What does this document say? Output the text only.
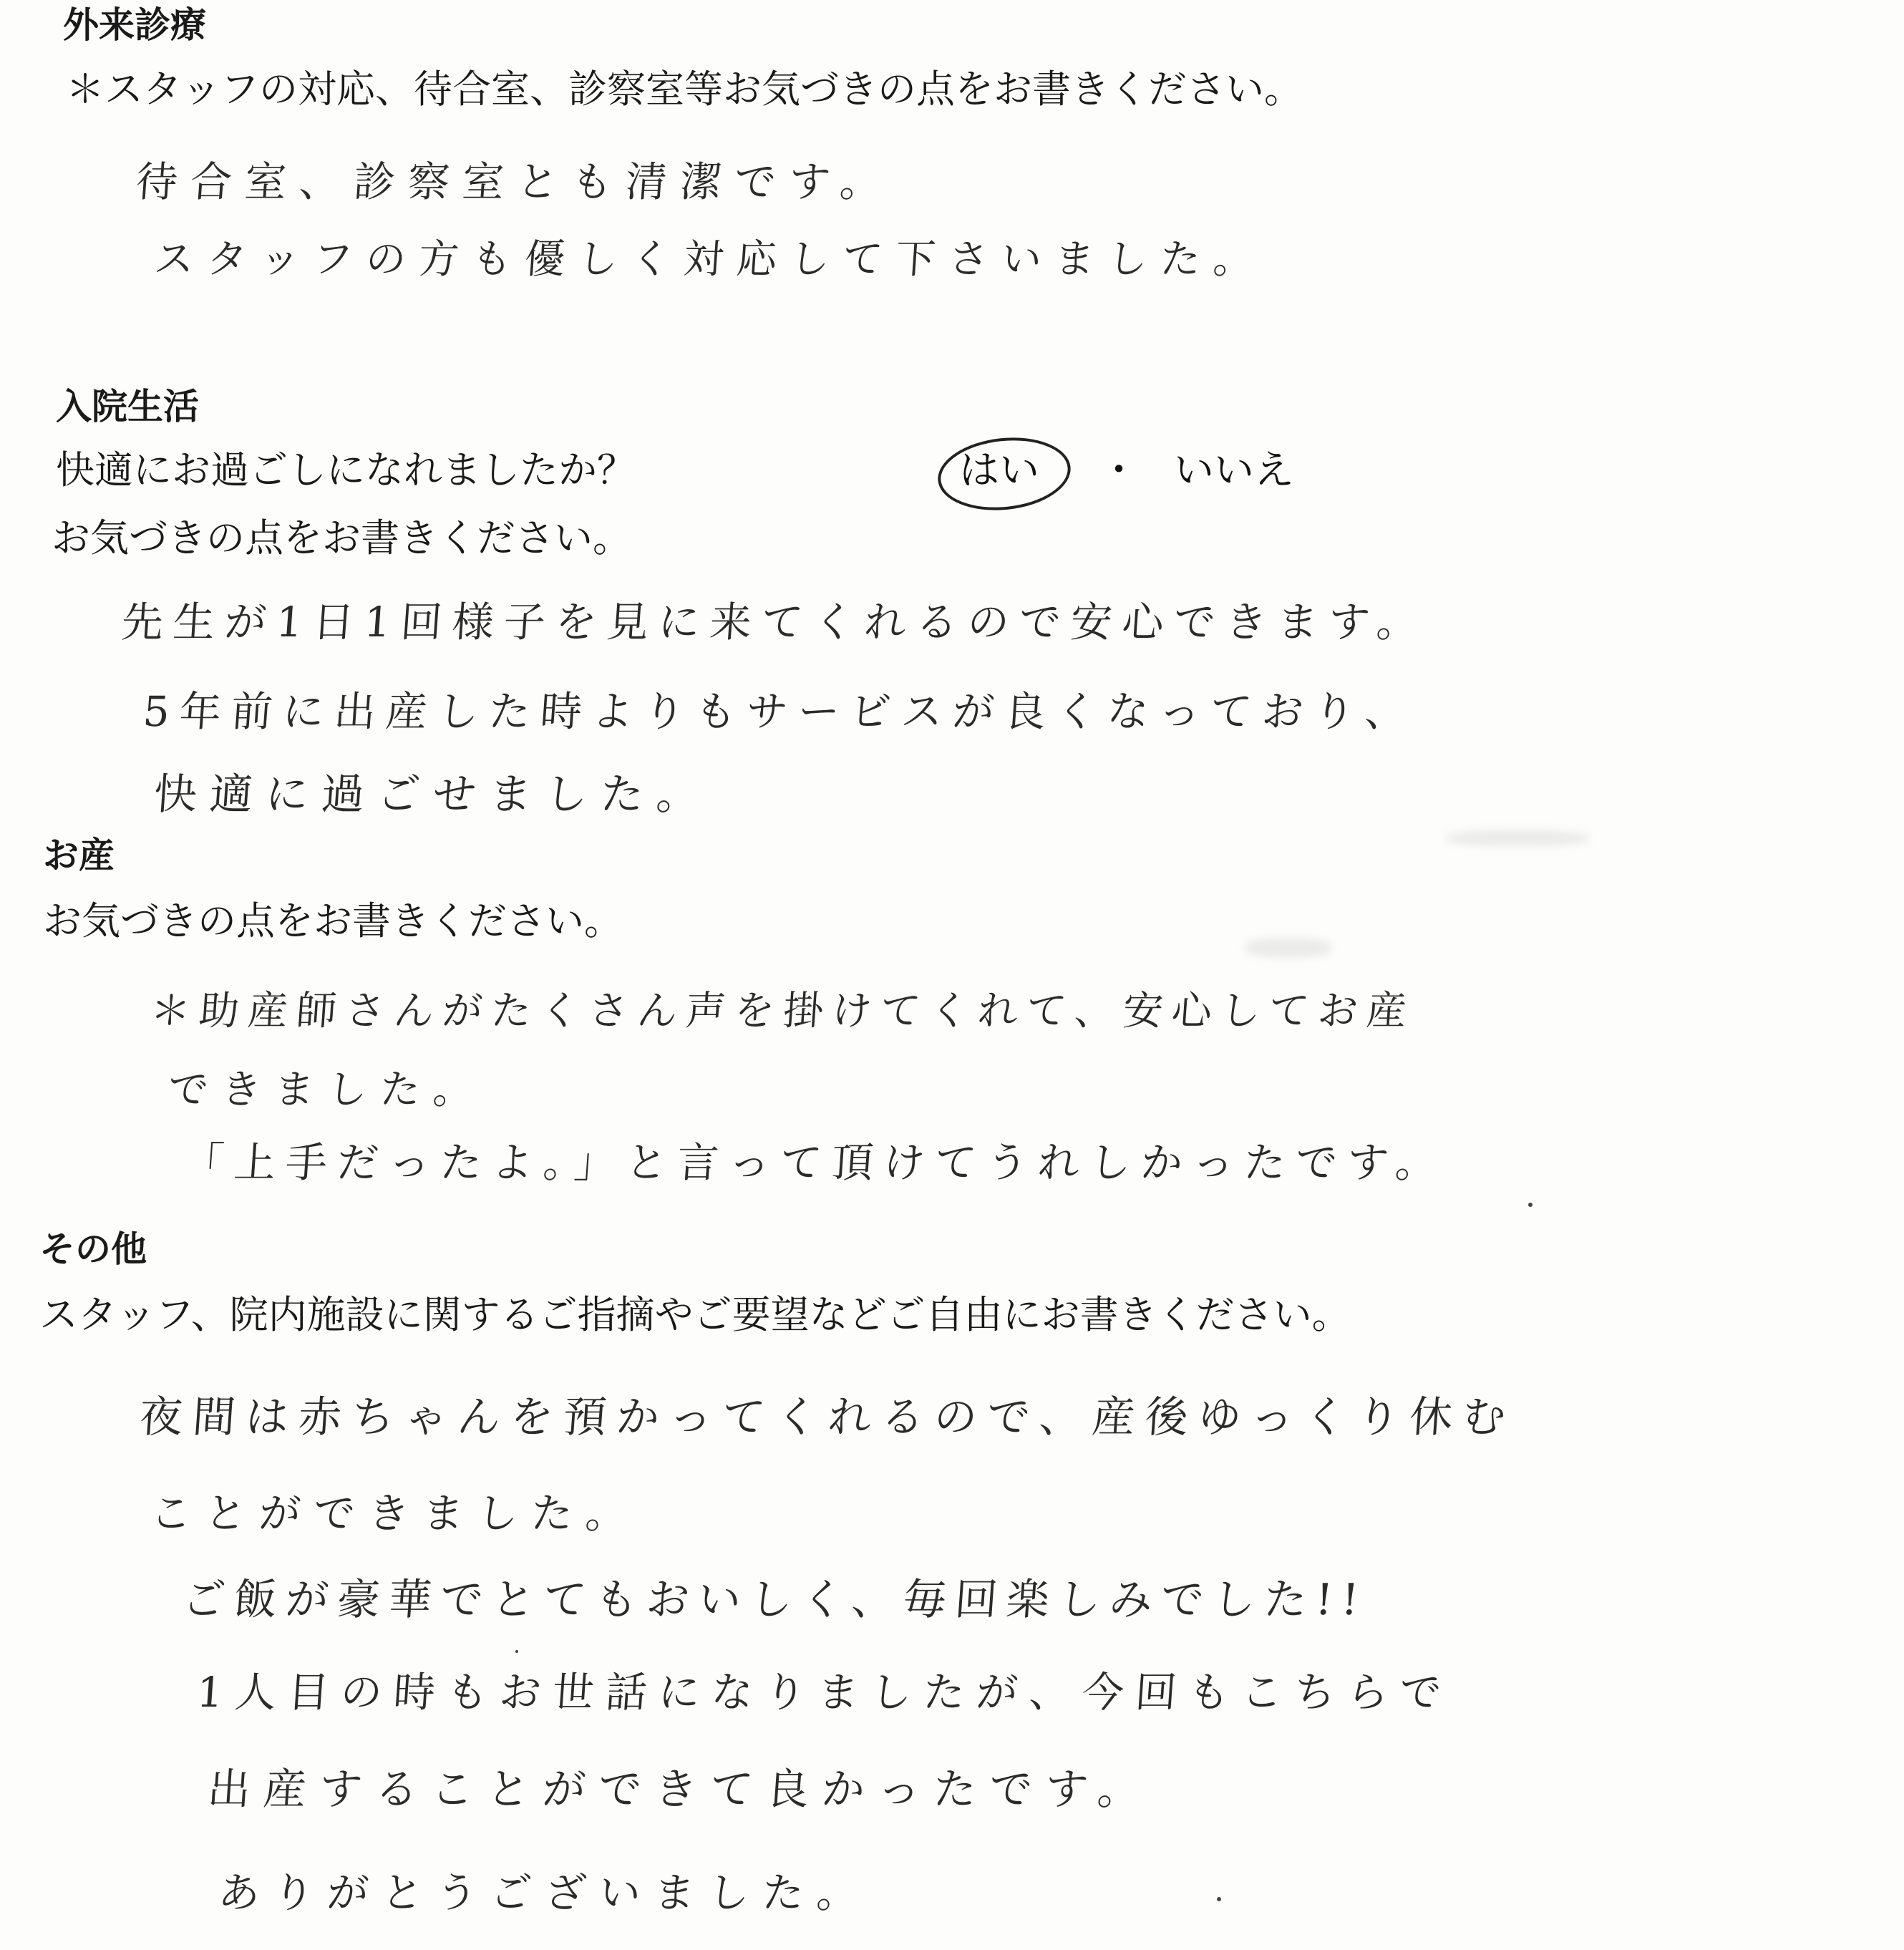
外来診療
＊スタッフの対応、待合室、診察室等お気づきの点をお書きください。
待合室、診察室とも清潔です。
スタッフの方も優しく対応して下さいました。
入院生活
快適にお過ごしになれましたか？	はい ・ いいえ
お気づきの点をお書きください。
先生が1日1回様子を見に来てくれるので安心できます。
5年前に出産した時よりもサービスが良くなっており、
快適に過ごせました。
お産
お気づきの点をお書きください。
＊助産師さんがたくさん声を掛けてくれて、安心してお産
できました。
「上手だったよ。」と言って頂けてうれしかったです。
その他
スタッフ、院内施設に関するご指摘やご要望などご自由にお書きください。
夜間は赤ちゃんを預かってくれるので、産後ゆっくり休む
ことができました。
ご飯が豪華でとてもおいしく、毎回楽しみでした!!
1人目の時もお世話になりましたが、今回もこちらで
出産することができて良かったです。
ありがとうございました。
